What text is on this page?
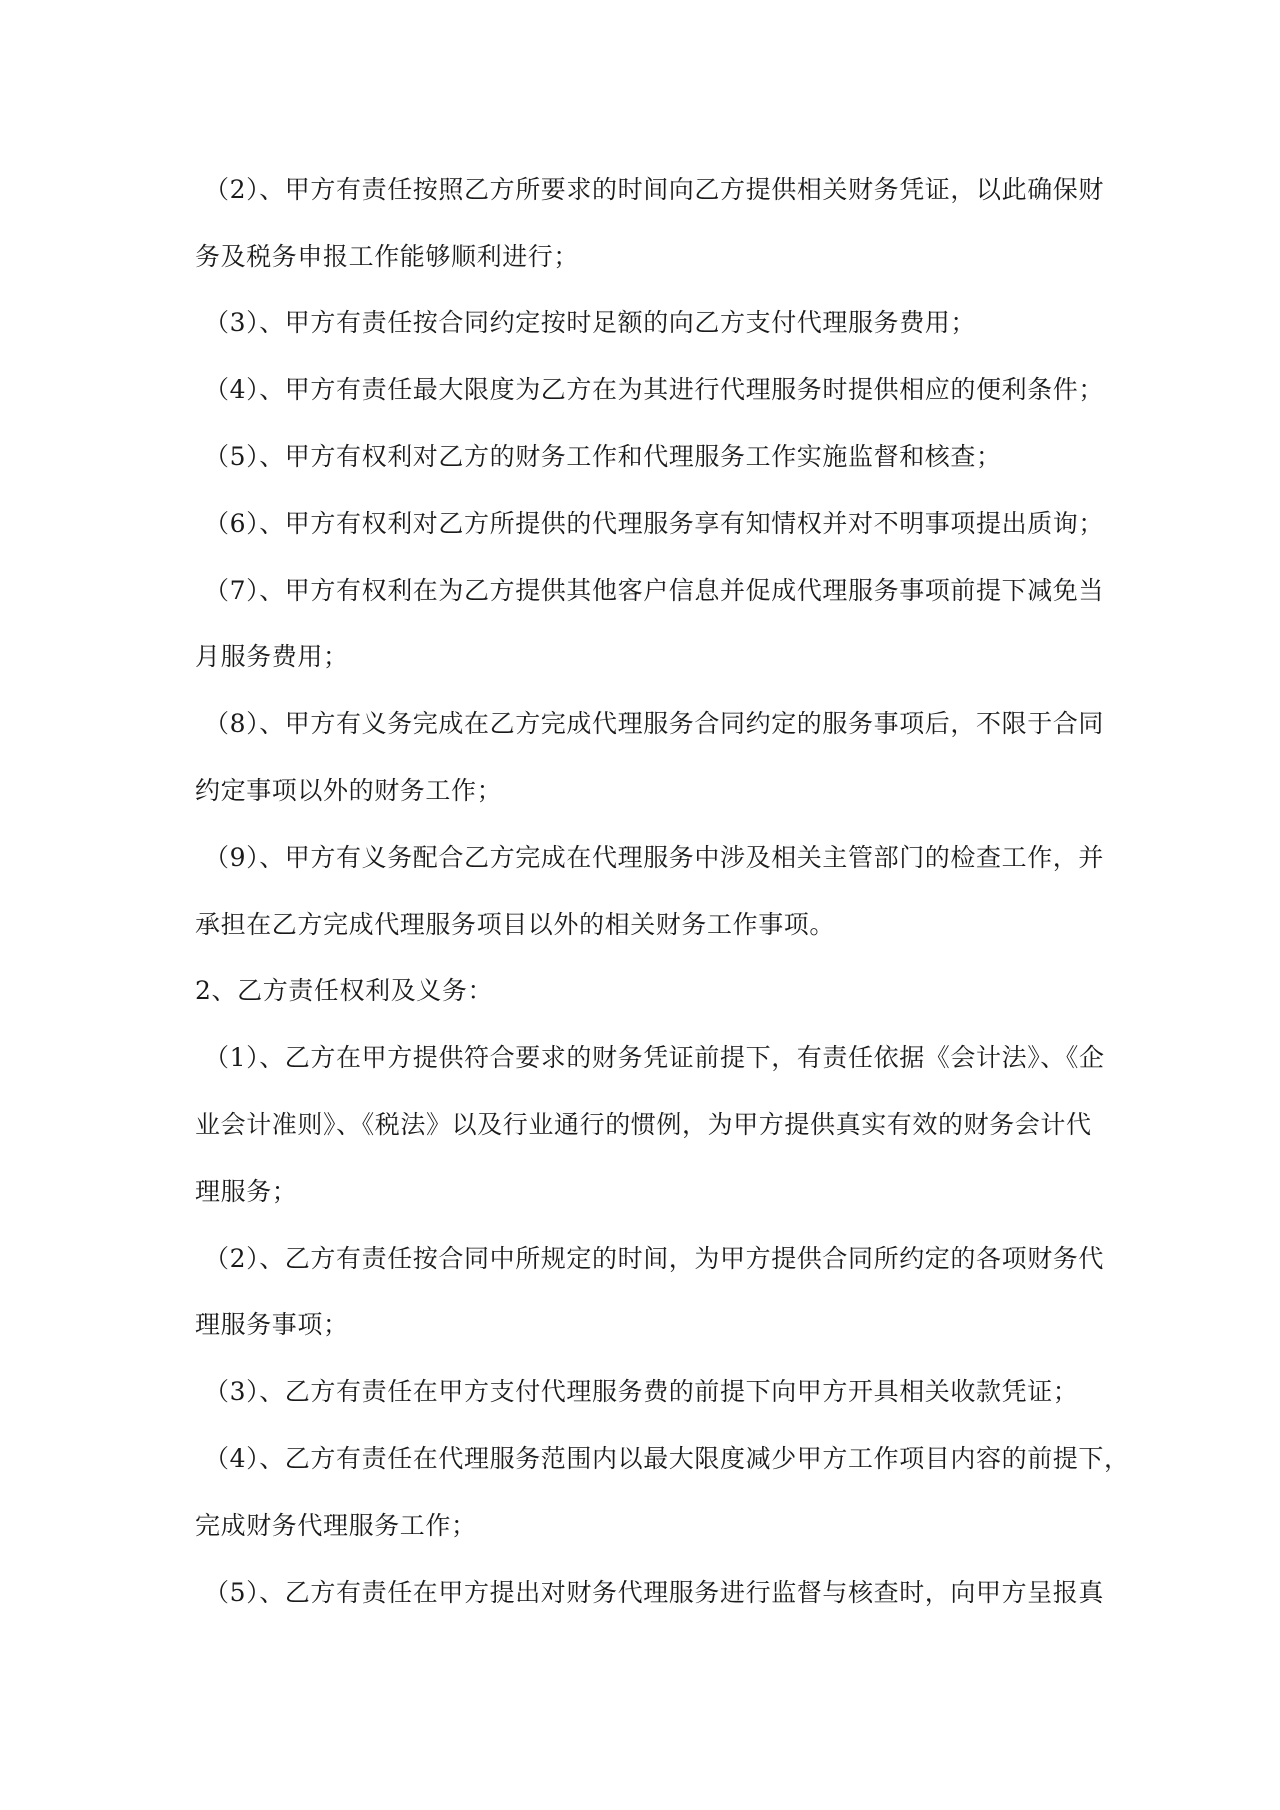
（2）、甲方有责任按照乙方所要求的时间向乙方提供相关财务凭证，以此确保财
务及税务申报工作能够顺利进行；
（3）、甲方有责任按合同约定按时足额的向乙方支付代理服务费用；
（4）、甲方有责任最大限度为乙方在为其进行代理服务时提供相应的便利条件；
（5）、甲方有权利对乙方的财务工作和代理服务工作实施监督和核查；
（6）、甲方有权利对乙方所提供的代理服务享有知情权并对不明事项提出质询；
（7）、甲方有权利在为乙方提供其他客户信息并促成代理服务事项前提下减免当
月服务费用；
（8）、甲方有义务完成在乙方完成代理服务合同约定的服务事项后，不限于合同
约定事项以外的财务工作；
（9）、甲方有义务配合乙方完成在代理服务中涉及相关主管部门的检查工作，并
承担在乙方完成代理服务项目以外的相关财务工作事项。
2、乙方责任权利及义务：
（1）、乙方在甲方提供符合要求的财务凭证前提下，有责任依据《会计法》、《企
业会计准则》、《税法》以及行业通行的惯例，为甲方提供真实有效的财务会计代
理服务；
（2）、乙方有责任按合同中所规定的时间，为甲方提供合同所约定的各项财务代
理服务事项；
（3）、乙方有责任在甲方支付代理服务费的前提下向甲方开具相关收款凭证；
（4）、乙方有责任在代理服务范围内以最大限度减少甲方工作项目内容的前提下，
完成财务代理服务工作；
（5）、乙方有责任在甲方提出对财务代理服务进行监督与核查时，向甲方呈报真
